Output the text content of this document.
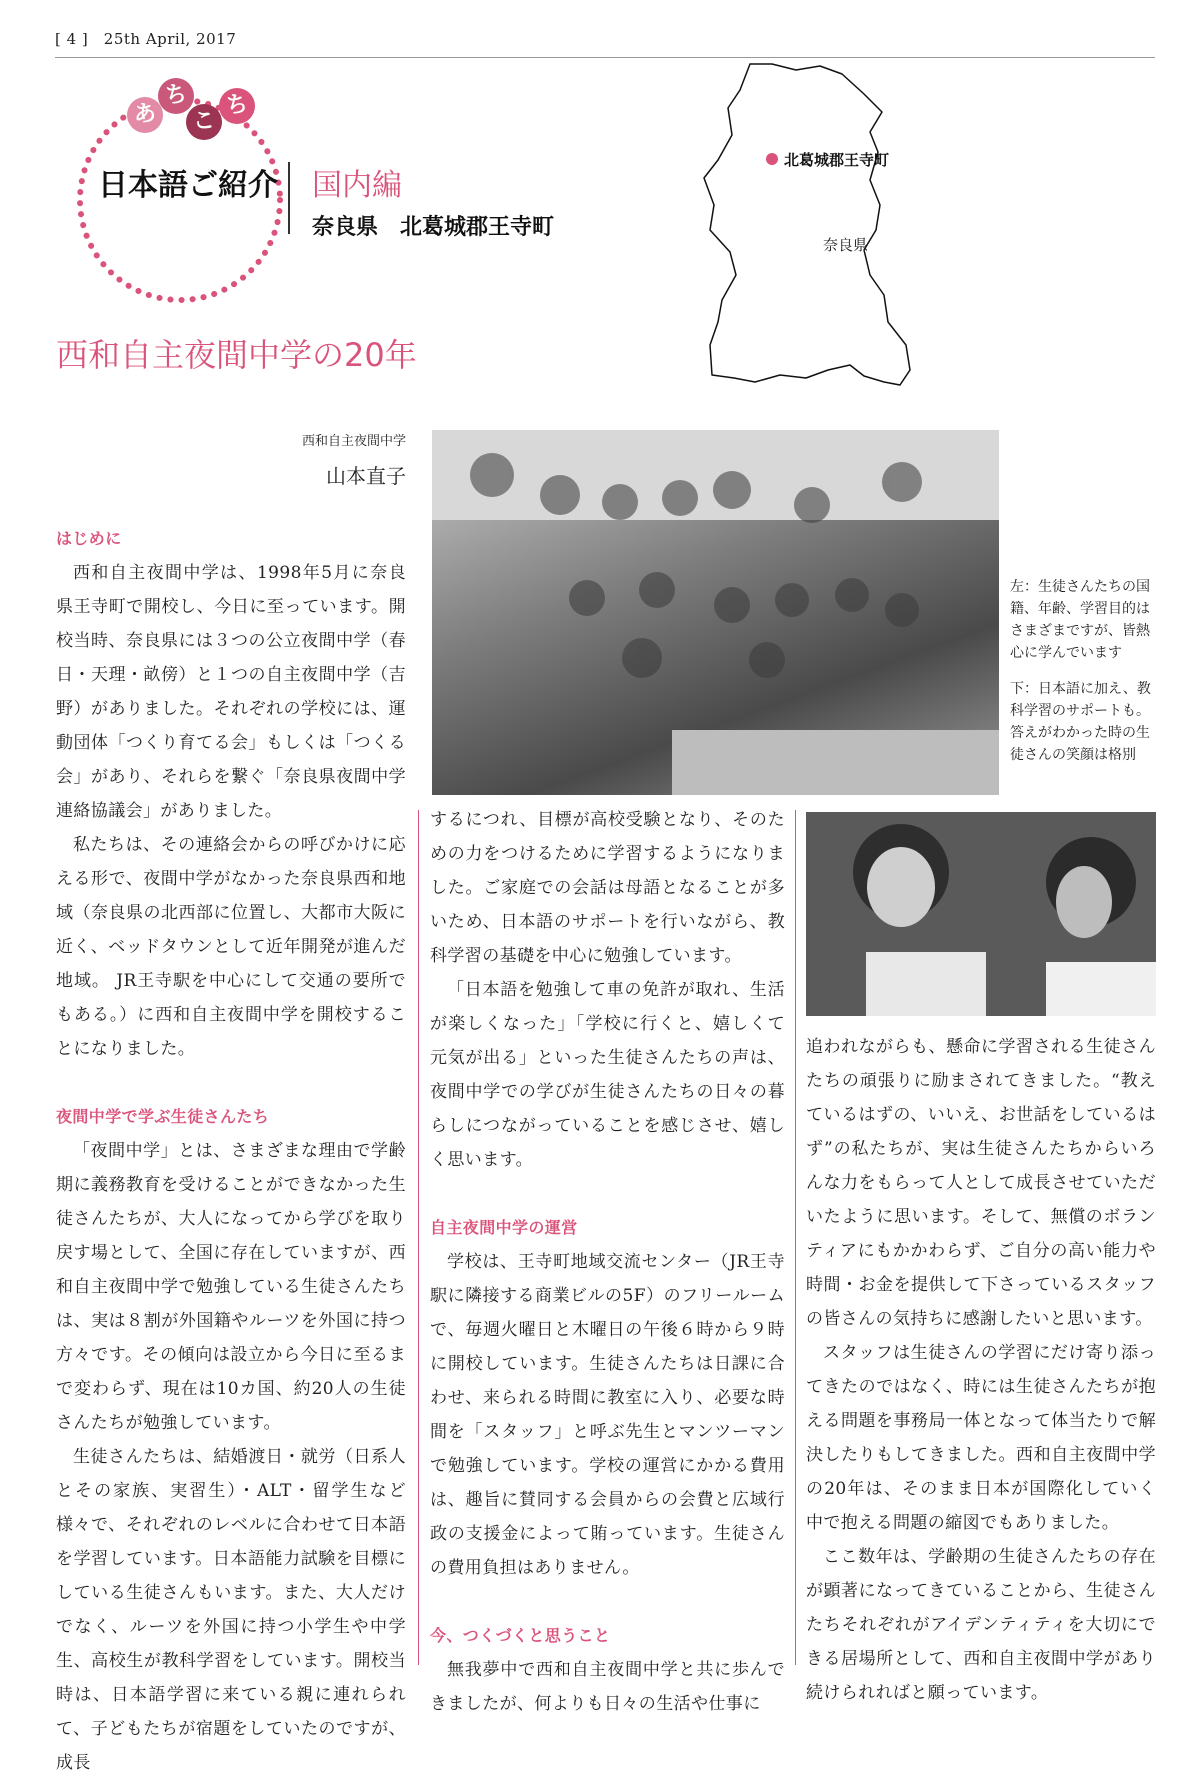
[ 4 ]　25th April, 2017
あ
ち
こ
ち
日本語ご紹介 国内編
奈良県　北葛城郡王寺町
北葛城郡王寺町
奈良県
西和自主夜間中学の20年
西和自主夜間中学
山本直子

左：生徒さんたちの国籍、年齢、学習目的はさまざまですが、皆熱心に学んでいます

下：日本語に加え、教科学習のサポートも。答えがわかった時の生徒さんの笑顔は格別

はじめに

西和自主夜間中学は、1998年5月に奈良県王寺町で開校し、今日に至っています。開校当時、奈良県には３つの公立夜間中学（春日・天理・畝傍）と１つの自主夜間中学（吉野）がありました。それぞれの学校には、運動団体「つくり育てる会」もしくは「つくる会」があり、それらを繋ぐ「奈良県夜間中学連絡協議会」がありました。

私たちは、その連絡会からの呼びかけに応える形で、夜間中学がなかった奈良県西和地域（奈良県の北西部に位置し、大都市大阪に近く、ベッドタウンとして近年開発が進んだ地域。 JR王寺駅を中心にして交通の要所でもある。）に西和自主夜間中学を開校することになりました。

夜間中学で学ぶ生徒さんたち

「夜間中学」とは、さまざまな理由で学齢期に義務教育を受けることができなかった生徒さんたちが、大人になってから学びを取り戻す場として、全国に存在していますが、西和自主夜間中学で勉強している生徒さんたちは、実は８割が外国籍やルーツを外国に持つ方々です。その傾向は設立から今日に至るまで変わらず、現在は10カ国、約20人の生徒さんたちが勉強しています。

生徒さんたちは、結婚渡日・就労（日系人とその家族、実習生）・ALT・留学生など様々で、それぞれのレベルに合わせて日本語を学習しています。日本語能力試験を目標にしている生徒さんもいます。また、大人だけでなく、ルーツを外国に持つ小学生や中学生、高校生が教科学習をしています。開校当時は、日本語学習に来ている親に連れられて、子どもたちが宿題をしていたのですが、成長

するにつれ、目標が高校受験となり、そのための力をつけるために学習するようになりました。ご家庭での会話は母語となることが多いため、日本語のサポートを行いながら、教科学習の基礎を中心に勉強しています。

「日本語を勉強して車の免許が取れ、生活が楽しくなった」「学校に行くと、嬉しくて元気が出る」といった生徒さんたちの声は、夜間中学での学びが生徒さんたちの日々の暮らしにつながっていることを感じさせ、嬉しく思います。

自主夜間中学の運営

学校は、王寺町地域交流センター（JR王寺駅に隣接する商業ビルの5F）のフリールームで、毎週火曜日と木曜日の午後６時から９時に開校しています。生徒さんたちは日課に合わせ、来られる時間に教室に入り、必要な時間を「スタッフ」と呼ぶ先生とマンツーマンで勉強しています。学校の運営にかかる費用は、趣旨に賛同する会員からの会費と広域行政の支援金によって賄っています。生徒さんの費用負担はありません。

今、つくづくと思うこと

無我夢中で西和自主夜間中学と共に歩んできましたが、何よりも日々の生活や仕事に

追われながらも、懸命に学習される生徒さんたちの頑張りに励まされてきました。“教えているはずの、いいえ、お世話をしているはず”の私たちが、実は生徒さんたちからいろんな力をもらって人として成長させていただいたように思います。そして、無償のボランティアにもかかわらず、ご自分の高い能力や時間・お金を提供して下さっているスタッフの皆さんの気持ちに感謝したいと思います。

スタッフは生徒さんの学習にだけ寄り添ってきたのではなく、時には生徒さんたちが抱える問題を事務局一体となって体当たりで解決したりもしてきました。西和自主夜間中学の20年は、そのまま日本が国際化していく中で抱える問題の縮図でもありました。

ここ数年は、学齢期の生徒さんたちの存在が顕著になってきていることから、生徒さんたちそれぞれがアイデンティティを大切にできる居場所として、西和自主夜間中学があり続けられればと願っています。
